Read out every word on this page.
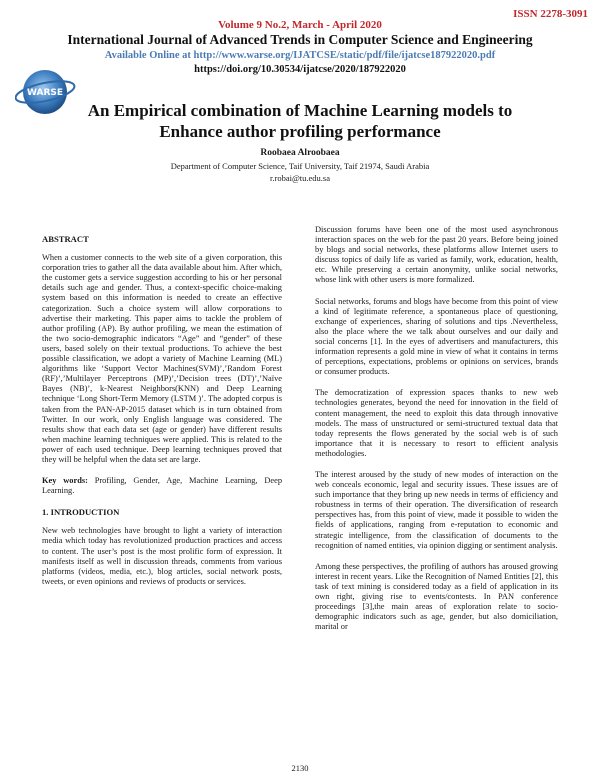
ISSN 2278-3091
Volume 9 No.2, March - April 2020
International Journal of Advanced Trends in Computer Science and Engineering
Available Online at http://www.warse.org/IJATCSE/static/pdf/file/ijatcse187922020.pdf
https://doi.org/10.30534/ijatcse/2020/187922020
WARSE
An Empirical combination of Machine Learning models to
Enhance author profiling performance
Roobaea Alroobaea
Department of Computer Science, Taif University, Taif 21974, Saudi Arabia
r.robai@tu.edu.sa

ABSTRACT

When a customer connects to the web site of a given corporation, this corporation tries to gather all the data available about him. After which, the customer gets a service suggestion according to his or her personal details such age and gender. Thus, a context-specific choice-making system based on this information is needed to create an effective categorization. Such a choice system will allow corporations to advertise their marketing. This paper aims to tackle the problem of author profiling (AP). By author profiling, we mean the estimation of the two socio-demographic indicators “Age” and “gender” of these users, based solely on their textual productions. To achieve the best possible classification, we adopt a variety of Machine Learning (ML) algorithms like ‘Support Vector Machines(SVM)’,’Random Forest (RF)’,’Multilayer Perceptrons (MP)’,’Decision trees (DT)’,’Naïve Bayes (NB)’, k-Nearest Neighbors(KNN) and Deep Learning technique ‘Long Short-Term Memory (LSTM )’. The adopted corpus is taken from the PAN-AP-2015 dataset which is in turn obtained from Twitter. In our work, only English language was considered. The results show that each data set (age or gender) have different results when machine learning techniques were applied. This is related to the power of each used technique. Deep learning techniques proved that they will be helpful when the data set are large.

Key words: Profiling, Gender, Age, Machine Learning, Deep Learning.

1. INTRODUCTION

New web technologies have brought to light a variety of interaction media which today has revolutionized production practices and access to content. The user’s post is the most prolific form of expression. It manifests itself as well in discussion threads, comments from various platforms (videos, media, etc.), blog articles, social network posts, tweets, or even opinions and reviews of products or services.

Discussion forums have been one of the most used asynchronous interaction spaces on the web for the past 20 years. Before being joined by blogs and social networks, these platforms allow Internet users to discuss topics of daily life as varied as family, work, education, health, etc. While preserving a certain anonymity, unlike social networks, whose link with other users is more formalized.

Social networks, forums and blogs have become from this point of view a kind of legitimate reference, a spontaneous place of questioning, exchange of experiences, sharing of solutions and tips .Nevertheless, also the place where the we talk about ourselves and our daily and social concerns [1]. In the eyes of advertisers and manufacturers, this information represents a gold mine in view of what it contains in terms of perceptions, expectations, problems or opinions on services, brands or consumer products.

The democratization of expression spaces thanks to new web technologies generates, beyond the need for innovation in the field of content management, the need to exploit this data through innovative models. The mass of unstructured or semi-structured textual data that today represents the flows generated by the social web is of such importance that it is necessary to resort to efficient analysis methodologies.

The interest aroused by the study of new modes of interaction on the web conceals economic, legal and security issues. These issues are of such importance that they bring up new needs in terms of efficiency and robustness in terms of their operation. The diversification of research perspectives has, from this point of view, made it possible to widen the fields of applications, ranging from e-reputation to economic and strategic intelligence, from the classification of documents to the recognition of named entities, via opinion digging or sentiment analysis.

Among these perspectives, the profiling of authors has aroused growing interest in recent years. Like the Recognition of Named Entities [2], this task of text mining is considered today as a field of application in its own right, giving rise to events/contests. In PAN conference proceedings [3],the main areas of exploration relate to socio-demographic indicators such as age, gender, but also domiciliation, marital or

2130
